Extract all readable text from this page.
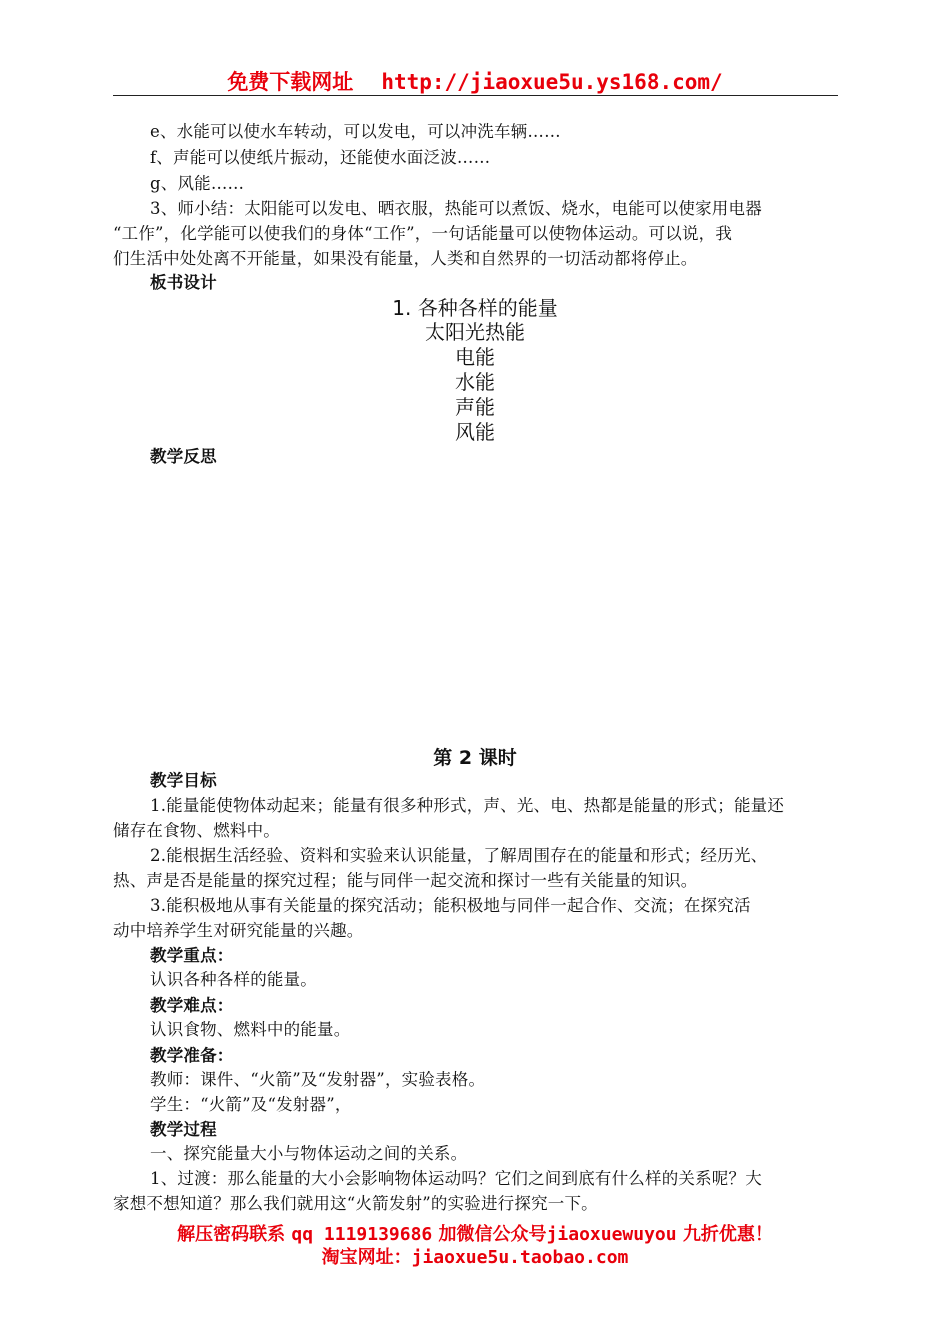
免费下载网址 http://jiaoxue5u.ys168.com/
e、水能可以使水车转动，可以发电，可以冲洗车辆……
f、声能可以使纸片振动，还能使水面泛波……
g、风能……
3、师小结：太阳能可以发电、晒衣服，热能可以煮饭、烧水，电能可以使家用电器
“工作”，化学能可以使我们的身体“工作”，一句话能量可以使物体运动。可以说，我
们生活中处处离不开能量，如果没有能量，人类和自然界的一切活动都将停止。
板书设计
1. 各种各样的能量
太阳光热能
电能
水能
声能
风能
教学反思
第 2 课时
教学目标
1.能量能使物体动起来；能量有很多种形式，声、光、电、热都是能量的形式；能量还
储存在食物、燃料中。
2.能根据生活经验、资料和实验来认识能量，了解周围存在的能量和形式；经历光、
热、声是否是能量的探究过程；能与同伴一起交流和探讨一些有关能量的知识。
3.能积极地从事有关能量的探究活动；能积极地与同伴一起合作、交流；在探究活
动中培养学生对研究能量的兴趣。
教学重点：
认识各种各样的能量。
教学难点：
认识食物、燃料中的能量。
教学准备：
教师：课件、“火箭”及“发射器”，实验表格。
学生：“火箭”及“发射器”，
教学过程
一、探究能量大小与物体运动之间的关系。
1、过渡：那么能量的大小会影响物体运动吗？它们之间到底有什么样的关系呢？大
家想不想知道？那么我们就用这“火箭发射”的实验进行探究一下。
解压密码联系 qq 1119139686 加微信公众号jiaoxuewuyou 九折优惠！
淘宝网址：jiaoxue5u.taobao.com
